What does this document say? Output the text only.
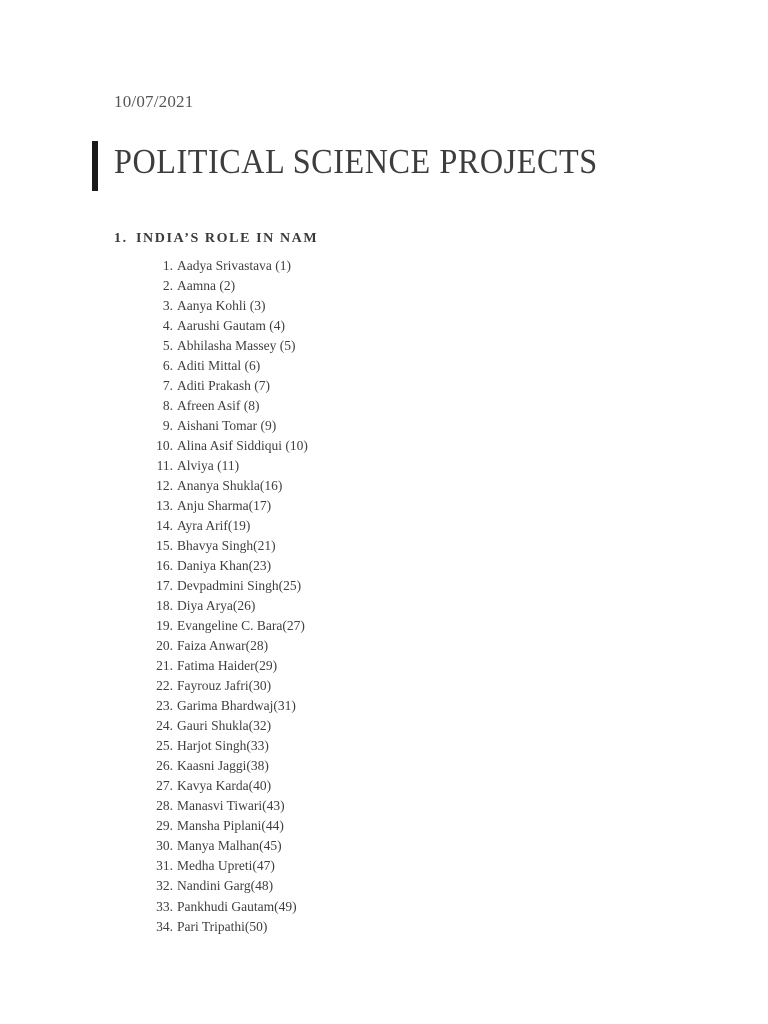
10/07/2021
POLITICAL SCIENCE PROJECTS
1. INDIA’S ROLE IN NAM
1. Aadya Srivastava (1)
2. Aamna (2)
3. Aanya Kohli (3)
4. Aarushi Gautam (4)
5. Abhilasha Massey (5)
6. Aditi Mittal (6)
7. Aditi Prakash (7)
8. Afreen Asif (8)
9. Aishani Tomar (9)
10. Alina Asif Siddiqui (10)
11. Alviya (11)
12. Ananya Shukla(16)
13. Anju Sharma(17)
14. Ayra Arif(19)
15. Bhavya Singh(21)
16. Daniya Khan(23)
17. Devpadmini Singh(25)
18. Diya Arya(26)
19. Evangeline C. Bara(27)
20. Faiza Anwar(28)
21. Fatima Haider(29)
22. Fayrouz Jafri(30)
23. Garima Bhardwaj(31)
24. Gauri Shukla(32)
25. Harjot Singh(33)
26. Kaasni Jaggi(38)
27. Kavya Karda(40)
28. Manasvi Tiwari(43)
29. Mansha Piplani(44)
30. Manya Malhan(45)
31. Medha Upreti(47)
32. Nandini Garg(48)
33. Pankhudi Gautam(49)
34. Pari Tripathi(50)
